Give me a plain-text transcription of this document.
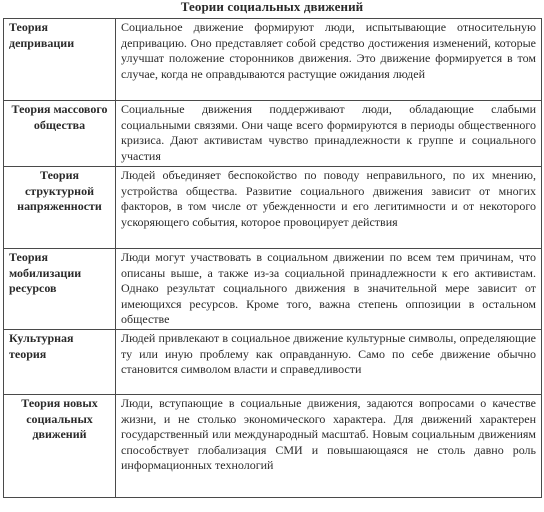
Теории социальных движений
Теория депривации	Социальное движение формируют люди, испытывающие относительную депривацию. Оно представляет собой средство достижения изменений, которые улучшат положение сторонников движения. Это движение формируется в том случае, когда не оправдываются растущие ожидания людей
Теория массового общества	Социальные движения поддерживают люди, обладающие слабыми социальными связями. Они чаще всего формируются в периоды общественного кризиса. Дают активистам чувство принадлежности к группе и социального участия
Теория структурной напряженности	Людей объединяет беспокойство по поводу неправильного, по их мнению, устройства общества. Развитие социального движения зависит от многих факторов, в том числе от убежденности и его легитимности и от некоторого ускоряющего события, которое провоцирует действия
Теория мобилизации ресурсов	Люди могут участвовать в социальном движении по всем тем причинам, что описаны выше, а также из-за социальной принадлежности к его активистам. Однако результат социального движения в значительной мере зависит от имеющихся ресурсов. Кроме того, важна степень оппозиции в остальном обществе
Культурная теория	Людей привлекают в социальное движение культурные символы, определяющие ту или иную проблему как оправданную. Само по себе движение обычно становится символом власти и справедливости
Теория новых социальных движений	Люди, вступающие в социальные движения, задаются вопросами о качестве жизни, и не столько экономического характера. Для движений характерен государственный или международный масштаб. Новым социальным движениям способствует глобализация СМИ и повышающаяся не столь давно роль информационных технологий
